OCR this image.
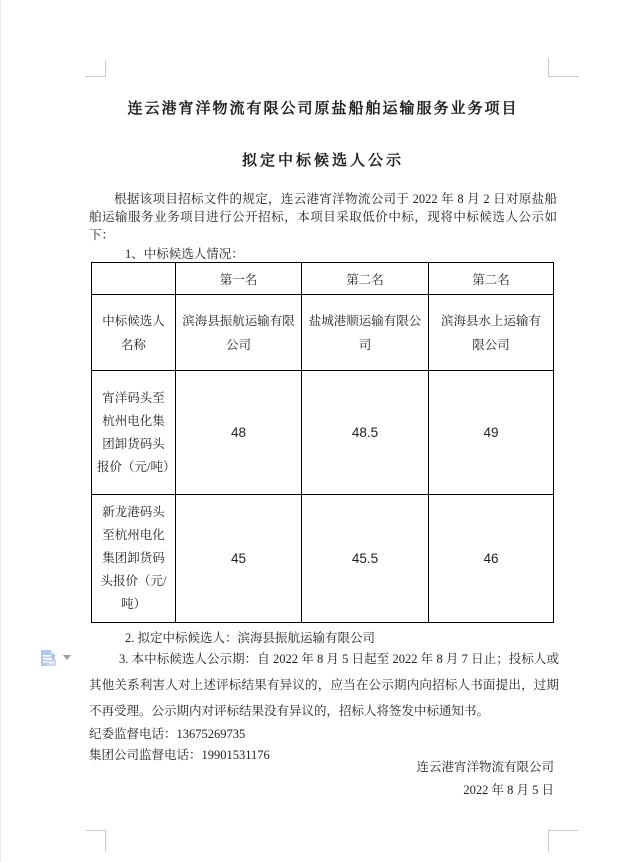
连云港宵洋物流有限公司原盐船舶运输服务业务项目
拟定中标候选人公示

根据该项目招标文件的规定，连云港宵洋物流公司于 2022 年 8 月 2 日对原盐船舶运输服务业务项目进行公开招标，本项目采取低价中标，现将中标候选人公示如下：

1、中标候选人情况：

	第一名	第二名	第二名
中标候选人名称	滨海县振航运输有限公司	盐城港顺运输有限公司	滨海县水上运输有限公司
宵洋码头至杭州电化集团卸货码头报价（元/吨）	48	48.5	49
新龙港码头至杭州电化集团卸货码头报价（元/吨）	45	45.5	46

2. 拟定中标候选人：滨海县振航运输有限公司

3. 本中标候选人公示期：自 2022 年 8 月 5 日起至 2022 年 8 月 7 日止；投标人或其他关系利害人对上述评标结果有异议的，应当在公示期内向招标人书面提出，过期不再受理。公示期内对评标结果没有异议的，招标人将签发中标通知书。

纪委监督电话：13675269735

集团公司监督电话：19901531176

连云港宵洋物流有限公司

2022 年 8 月 5 日
